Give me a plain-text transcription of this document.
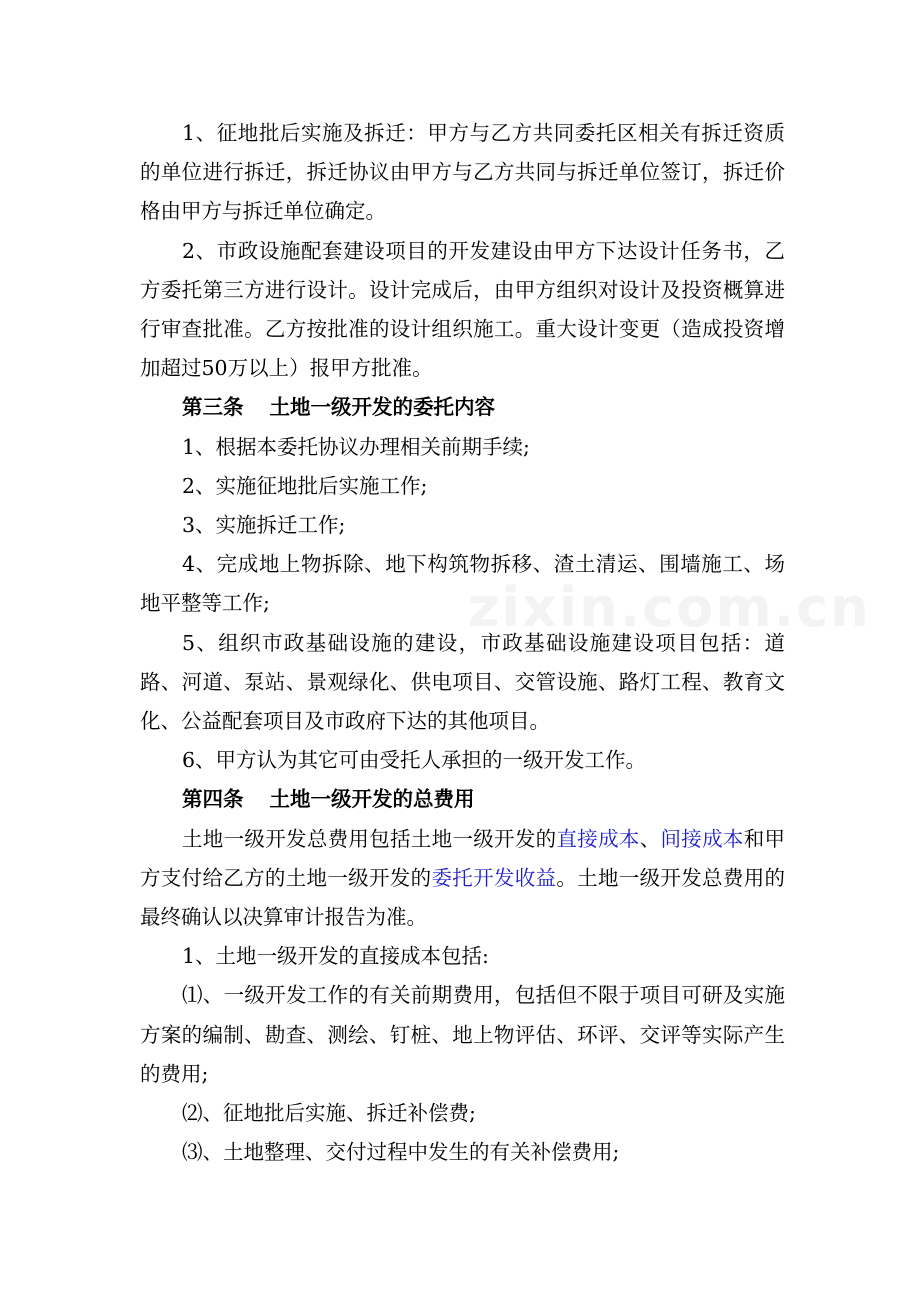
zixin.com.cn

1、征地批后实施及拆迁：甲方与乙方共同委托区相关有拆迁资质的单位进行拆迁，拆迁协议由甲方与乙方共同与拆迁单位签订，拆迁价格由甲方与拆迁单位确定。

2、市政设施配套建设项目的开发建设由甲方下达设计任务书，乙方委托第三方进行设计。设计完成后，由甲方组织对设计及投资概算进行审查批准。乙方按批准的设计组织施工。重大设计变更（造成投资增加超过50万以上）报甲方批准。

第三条 土地一级开发的委托内容

1、根据本委托协议办理相关前期手续;

2、实施征地批后实施工作;

3、实施拆迁工作;

4、完成地上物拆除、地下构筑物拆移、渣土清运、围墙施工、场地平整等工作;

5、组织市政基础设施的建设，市政基础设施建设项目包括：道路、河道、泵站、景观绿化、供电项目、交管设施、路灯工程、教育文化、公益配套项目及市政府下达的其他项目。

6、甲方认为其它可由受托人承担的一级开发工作。

第四条 土地一级开发的总费用

土地一级开发总费用包括土地一级开发的直接成本、间接成本和甲方支付给乙方的土地一级开发的委托开发收益。土地一级开发总费用的最终确认以决算审计报告为准。

1、土地一级开发的直接成本包括:

⑴、一级开发工作的有关前期费用，包括但不限于项目可研及实施方案的编制、勘查、测绘、钉桩、地上物评估、环评、交评等实际产生的费用;

⑵、征地批后实施、拆迁补偿费;

⑶、土地整理、交付过程中发生的有关补偿费用;
